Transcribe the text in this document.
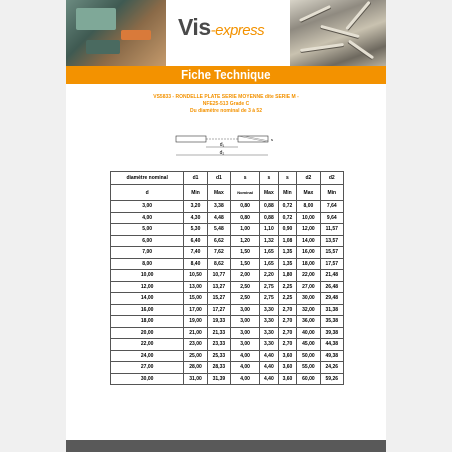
Vis-express
Fiche Technique
VS5833 - RONDELLE PLATE SERIE MOYENNE dite SERIE M -
NFE25-513 Grade C
Du diamètre nominal de 3 à 52
d₁
d₂
s
diamètre nominal	d1	d1	s	s	s	d2	d2
d	Min	Max	Nominal	Max	Min	Max	Min
3,00	3,20	3,38	0,80	0,88	0,72	8,00	7,64
4,00	4,30	4,48	0,80	0,88	0,72	10,00	9,64
5,00	5,30	5,48	1,00	1,10	0,90	12,00	11,57
6,00	6,40	6,62	1,20	1,32	1,08	14,00	13,57
7,00	7,40	7,62	1,50	1,65	1,35	16,00	15,57
8,00	8,40	8,62	1,50	1,65	1,35	18,00	17,57
10,00	10,50	10,77	2,00	2,20	1,80	22,00	21,48
12,00	13,00	13,27	2,50	2,75	2,25	27,00	26,48
14,00	15,00	15,27	2,50	2,75	2,25	30,00	29,48
16,00	17,00	17,27	3,00	3,30	2,70	32,00	31,38
18,00	19,00	19,33	3,00	3,30	2,70	36,00	35,38
20,00	21,00	21,33	3,00	3,30	2,70	40,00	39,38
22,00	23,00	23,33	3,00	3,30	2,70	45,00	44,38
24,00	25,00	25,33	4,00	4,40	3,60	50,00	49,38
27,00	28,00	28,33	4,00	4,40	3,60	55,00	24,26
30,00	31,00	31,39	4,00	4,40	3,60	60,00	59,26
